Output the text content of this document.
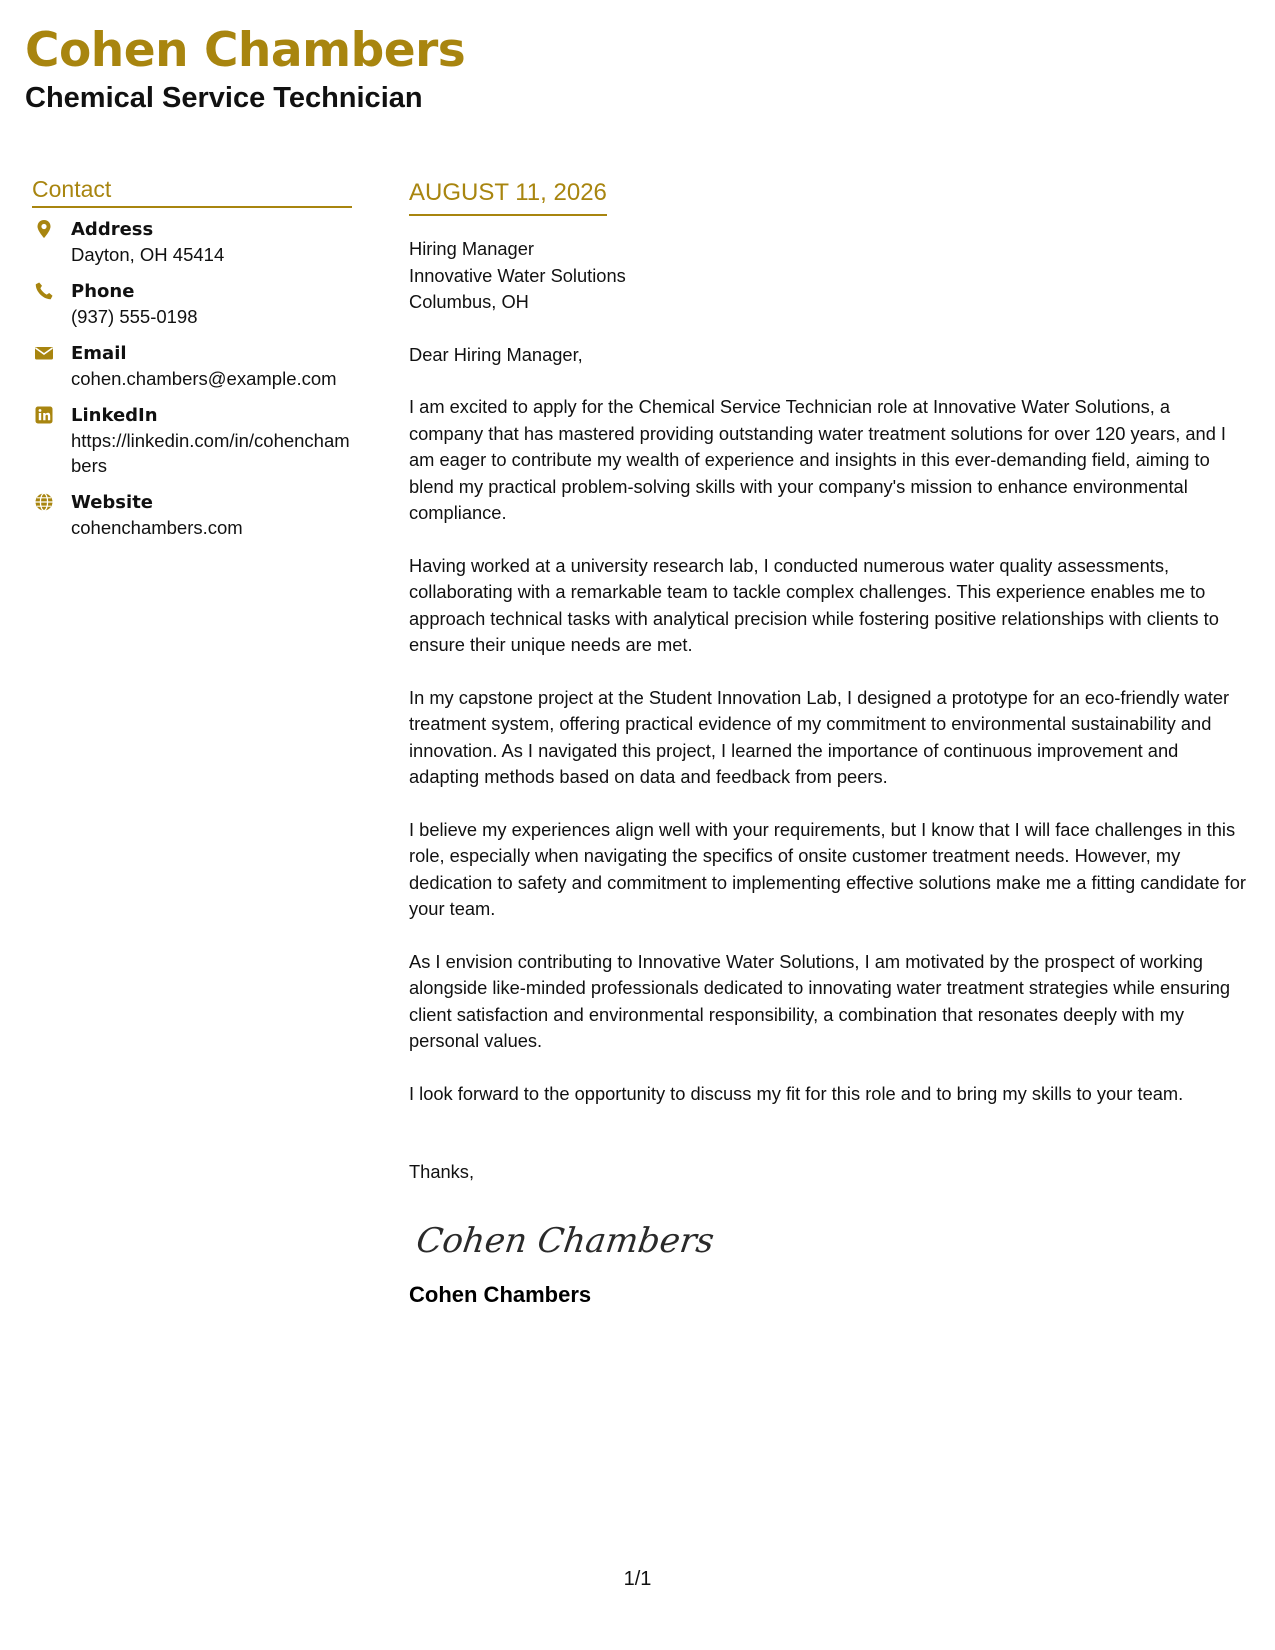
Cohen Chambers
Chemical Service Technician
Contact
Address
Dayton, OH 45414
Phone
(937) 555-0198
Email
cohen.chambers@example.com
LinkedIn
https://linkedin.com/in/cohenchambers
Website
cohenchambers.com
AUGUST 11, 2026
Hiring Manager
Innovative Water Solutions
Columbus, OH
Dear Hiring Manager,
I am excited to apply for the Chemical Service Technician role at Innovative Water Solutions, a company that has mastered providing outstanding water treatment solutions for over 120 years, and I am eager to contribute my wealth of experience and insights in this ever-demanding field, aiming to blend my practical problem-solving skills with your company's mission to enhance environmental compliance.
Having worked at a university research lab, I conducted numerous water quality assessments, collaborating with a remarkable team to tackle complex challenges. This experience enables me to approach technical tasks with analytical precision while fostering positive relationships with clients to ensure their unique needs are met.
In my capstone project at the Student Innovation Lab, I designed a prototype for an eco-friendly water treatment system, offering practical evidence of my commitment to environmental sustainability and innovation. As I navigated this project, I learned the importance of continuous improvement and adapting methods based on data and feedback from peers.
I believe my experiences align well with your requirements, but I know that I will face challenges in this role, especially when navigating the specifics of onsite customer treatment needs. However, my dedication to safety and commitment to implementing effective solutions make me a fitting candidate for your team.
As I envision contributing to Innovative Water Solutions, I am motivated by the prospect of working alongside like-minded professionals dedicated to innovating water treatment strategies while ensuring client satisfaction and environmental responsibility, a combination that resonates deeply with my personal values.
I look forward to the opportunity to discuss my fit for this role and to bring my skills to your team.
Thanks,
Cohen Chambers
Cohen Chambers
1/1
